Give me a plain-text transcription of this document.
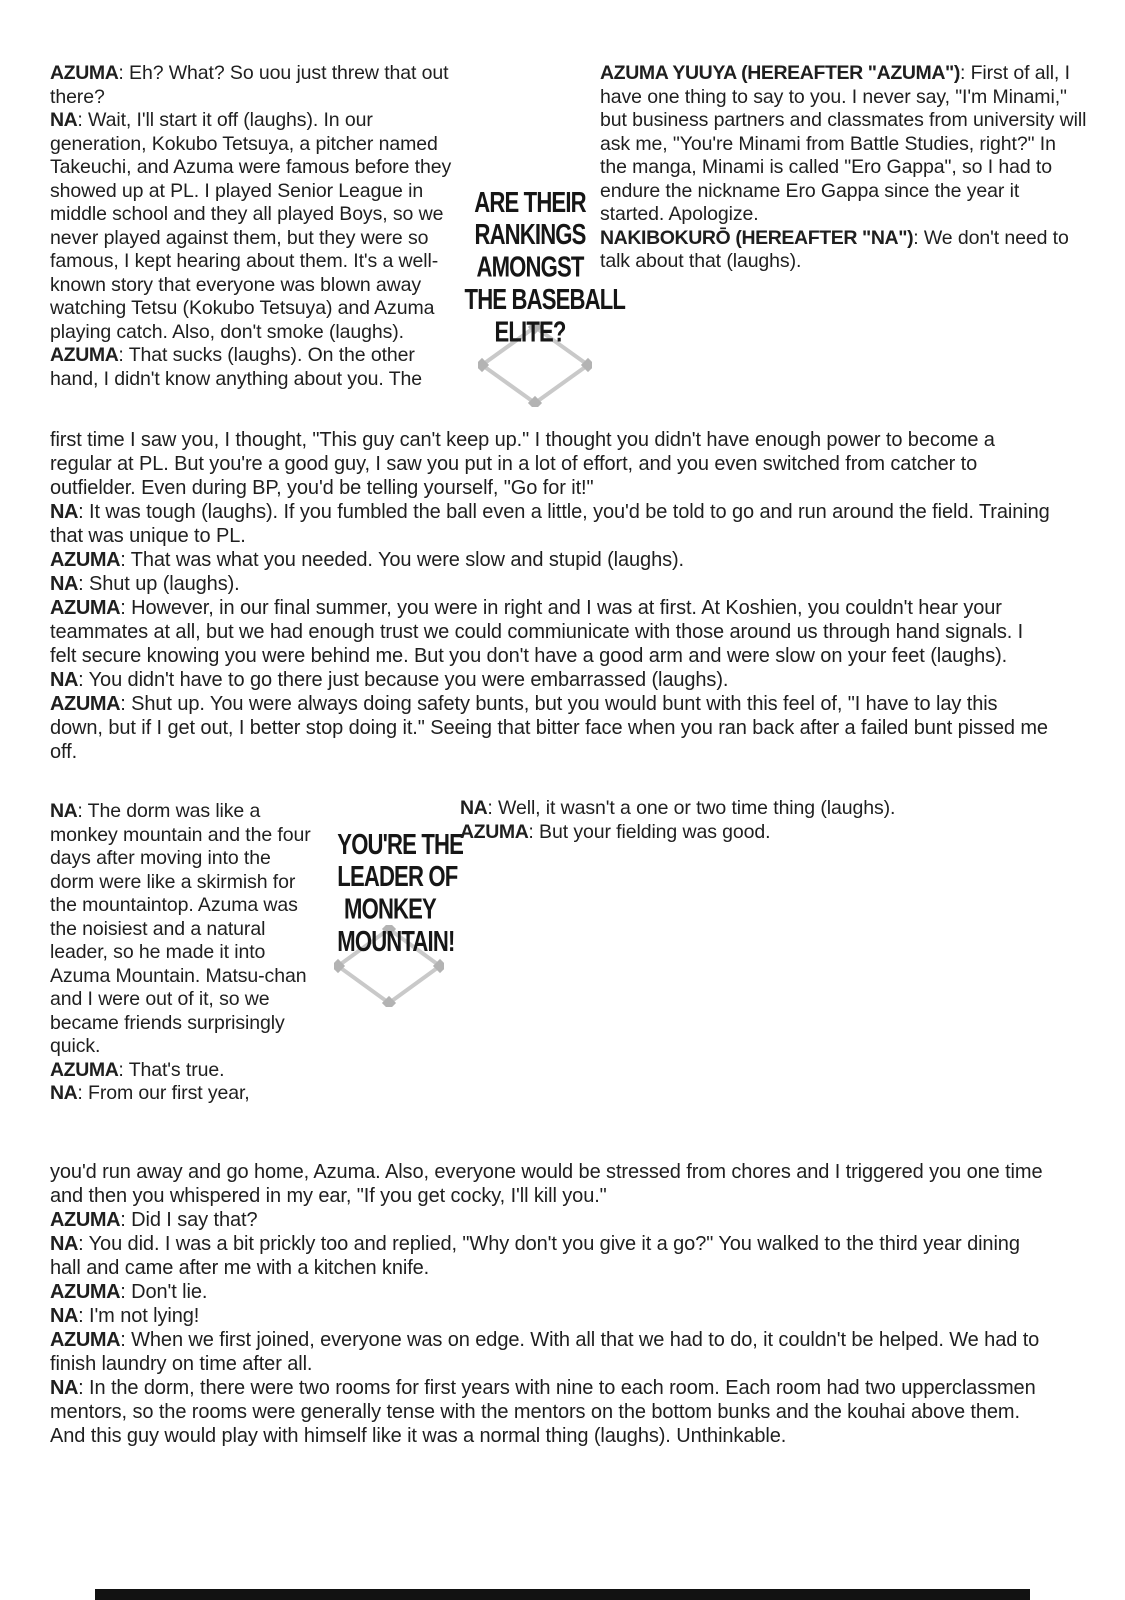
AZUMA: Eh? What? So uou just threw that out there?

NA: Wait, I'll start it off (laughs). In our generation, Kokubo Tetsuya, a pitcher named Takeuchi, and Azuma were famous before they showed up at PL. I played Senior League in middle school and they all played Boys, so we never played against them, but they were so famous, I kept hearing about them. It's a well-known story that everyone was blown away watching Tetsu (Kokubo Tetsuya) and Azuma playing catch. Also, don't smoke (laughs).

AZUMA: That sucks (laughs). On the other hand, I didn't know anything about you. The

ARE THEIR
RANKINGS
AMONGST
THE BASEBALL
ELITE?

AZUMA YUUYA (HEREAFTER "AZUMA"): First of all, I have one thing to say to you. I never say, "I'm Minami," but business partners and classmates from university will ask me, "You're Minami from Battle Studies, right?" In the manga, Minami is called "Ero Gappa", so I had to endure the nickname Ero Gappa since the year it started. Apologize.

NAKIBOKURŌ (HEREAFTER "NA"): We don't need to talk about that (laughs).

first time I saw you, I thought, "This guy can't keep up." I thought you didn't have enough power to become a regular at PL. But you're a good guy, I saw you put in a lot of effort, and you even switched from catcher to outfielder. Even during BP, you'd be telling yourself, "Go for it!"

NA: It was tough (laughs). If you fumbled the ball even a little, you'd be told to go and run around the field. Training that was unique to PL.

AZUMA: That was what you needed. You were slow and stupid (laughs).

NA: Shut up (laughs).

AZUMA: However, in our final summer, you were in right and I was at first. At Koshien, you couldn't hear your teammates at all, but we had enough trust we could commiunicate with those around us through hand signals. I felt secure knowing you were behind me. But you don't have a good arm and were slow on your feet (laughs).

NA: You didn't have to go there just because you were embarrassed (laughs).

AZUMA: Shut up. You were always doing safety bunts, but you would bunt with this feel of, "I have to lay this down, but if I get out, I better stop doing it." Seeing that bitter face when you ran back after a failed bunt pissed me off.

NA: The dorm was like a monkey mountain and the four days after moving into the dorm were like a skirmish for the mountaintop. Azuma was the noisiest and a natural leader, so he made it into Azuma Mountain. Matsu-chan and I were out of it, so we became friends surprisingly quick.

AZUMA: That's true.

NA: From our first year,

YOU'RE THE
LEADER OF
MONKEY
MOUNTAIN!

NA: Well, it wasn't a one or two time thing (laughs).

AZUMA: But your fielding was good.

you'd run away and go home, Azuma. Also, everyone would be stressed from chores and I triggered you one time and then you whispered in my ear, "If you get cocky, I'll kill you."

AZUMA: Did I say that?

NA: You did. I was a bit prickly too and replied, "Why don't you give it a go?" You walked to the third year dining hall and came after me with a kitchen knife.

AZUMA: Don't lie.

NA: I'm not lying!

AZUMA: When we first joined, everyone was on edge. With all that we had to do, it couldn't be helped. We had to finish laundry on time after all.

NA: In the dorm, there were two rooms for first years with nine to each room. Each room had two upperclassmen mentors, so the rooms were generally tense with the mentors on the bottom bunks and the kouhai above them. And this guy would play with himself like it was a normal thing (laughs). Unthinkable.
